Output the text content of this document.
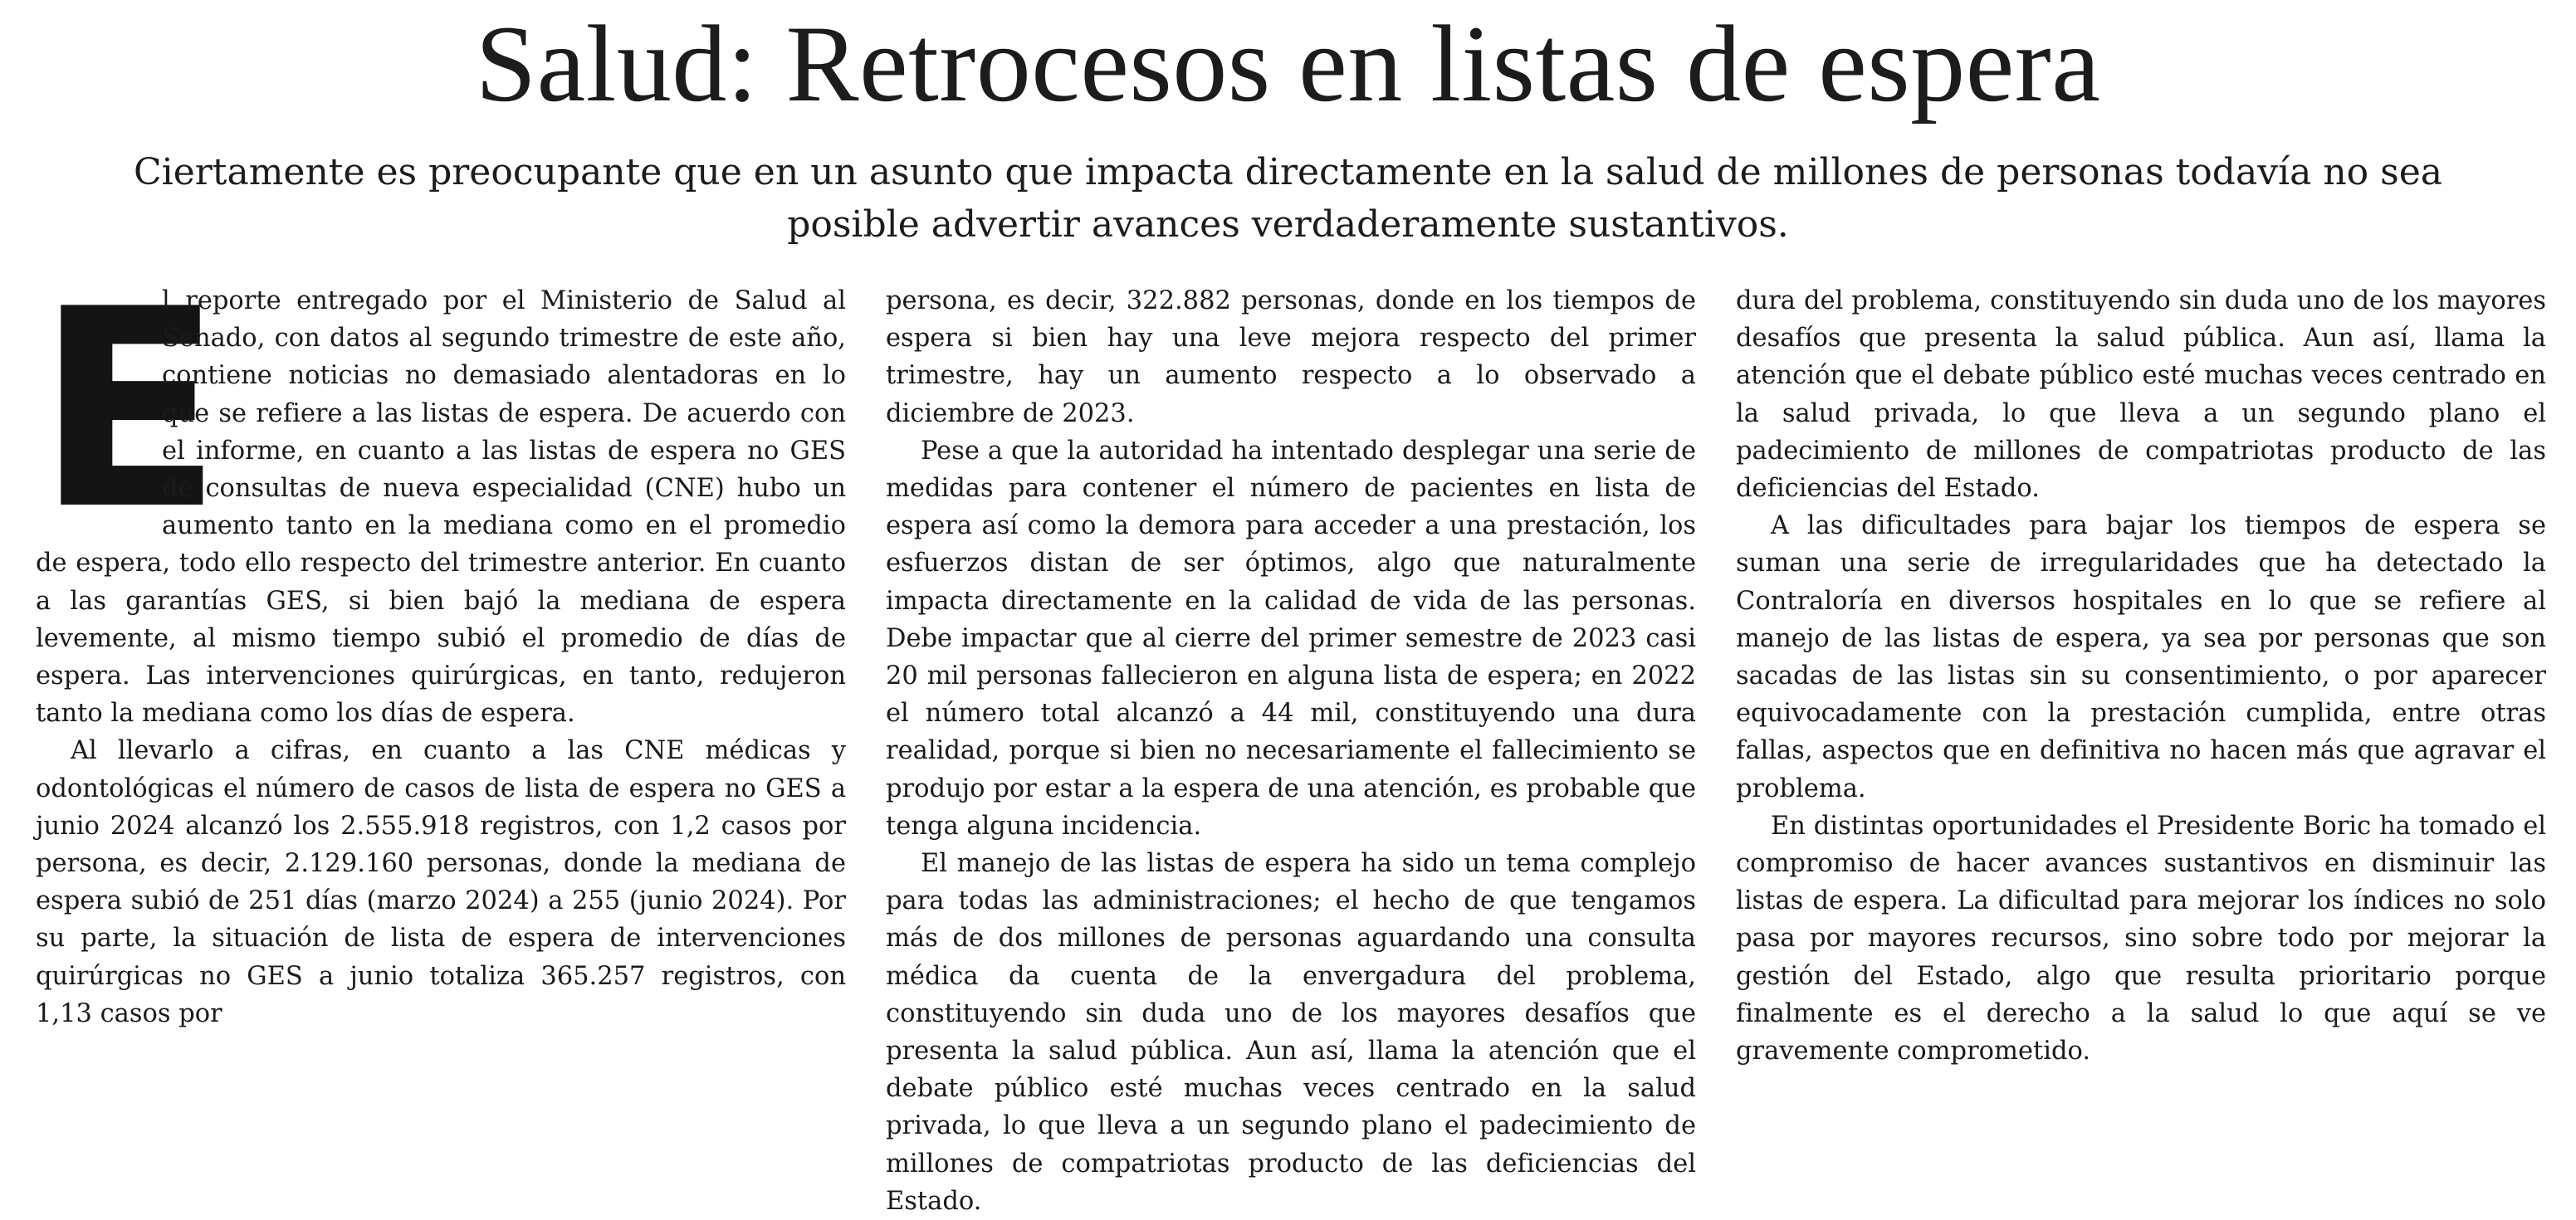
Salud: Retrocesos en listas de espera

Ciertamente es preocupante que en un asunto que impacta directamente en la salud de millones de personas todavía no sea posible advertir avances verdaderamente sustantivos.

E

l reporte entregado por el Ministerio de Salud al Senado, con datos al segundo trimestre de este año, contiene noticias no demasiado alentadoras en lo que se refiere a las listas de espera. De acuerdo con el informe, en cuanto a las listas de espera no GES de consultas de nueva especialidad (CNE) hubo un aumento tanto en la mediana como en el promedio de espera, todo ello respecto del trimestre anterior. En cuanto a las garantías GES, si bien bajó la mediana de espera levemente, al mismo tiempo subió el promedio de días de espera. Las intervenciones quirúrgicas, en tanto, redujeron tanto la mediana como los días de espera.

Al llevarlo a cifras, en cuanto a las CNE médicas y odontológicas el número de casos de lista de espera no GES a junio 2024 alcanzó los 2.555.918 registros, con 1,2 casos por persona, es decir, 2.129.160 personas, donde la mediana de espera subió de 251 días (marzo 2024) a 255 (junio 2024). Por su parte, la situación de lista de espera de intervenciones quirúrgicas no GES a junio totaliza 365.257 registros, con 1,13 casos por

persona, es decir, 322.882 personas, donde en los tiempos de espera si bien hay una leve mejora respecto del primer trimestre, hay un aumento respecto a lo observado a diciembre de 2023.

Pese a que la autoridad ha intentado desplegar una serie de medidas para contener el número de pacientes en lista de espera así como la demora para acceder a una prestación, los esfuerzos distan de ser óptimos, algo que naturalmente impacta directamente en la calidad de vida de las personas. Debe impactar que al cierre del primer semestre de 2023 casi 20 mil personas fallecieron en alguna lista de espera; en 2022 el número total alcanzó a 44 mil, constituyendo una dura realidad, porque si bien no necesariamente el fallecimiento se produjo por estar a la espera de una atención, es probable que tenga alguna incidencia.

El manejo de las listas de espera ha sido un tema complejo para todas las administraciones; el hecho de que tengamos más de dos millones de personas aguardando una consulta médica da cuenta de la envergadura del problema, constituyendo sin duda uno de los mayores desafíos que presenta la salud pública. Aun así, llama la atención que el debate público esté muchas veces centrado en la salud privada, lo que lleva a un segundo plano el padecimiento de millones de compatriotas producto de las deficiencias del Estado.

dura del problema, constituyendo sin duda uno de los mayores desafíos que presenta la salud pública. Aun así, llama la atención que el debate público esté muchas veces centrado en la salud privada, lo que lleva a un segundo plano el padecimiento de millones de compatriotas producto de las deficiencias del Estado.

A las dificultades para bajar los tiempos de espera se suman una serie de irregularidades que ha detectado la Contraloría en diversos hospitales en lo que se refiere al manejo de las listas de espera, ya sea por personas que son sacadas de las listas sin su consentimiento, o por aparecer equivocadamente con la prestación cumplida, entre otras fallas, aspectos que en definitiva no hacen más que agravar el problema.

En distintas oportunidades el Presidente Boric ha tomado el compromiso de hacer avances sustantivos en disminuir las listas de espera. La dificultad para mejorar los índices no solo pasa por mayores recursos, sino sobre todo por mejorar la gestión del Estado, algo que resulta prioritario porque finalmente es el derecho a la salud lo que aquí se ve gravemente comprometido.
